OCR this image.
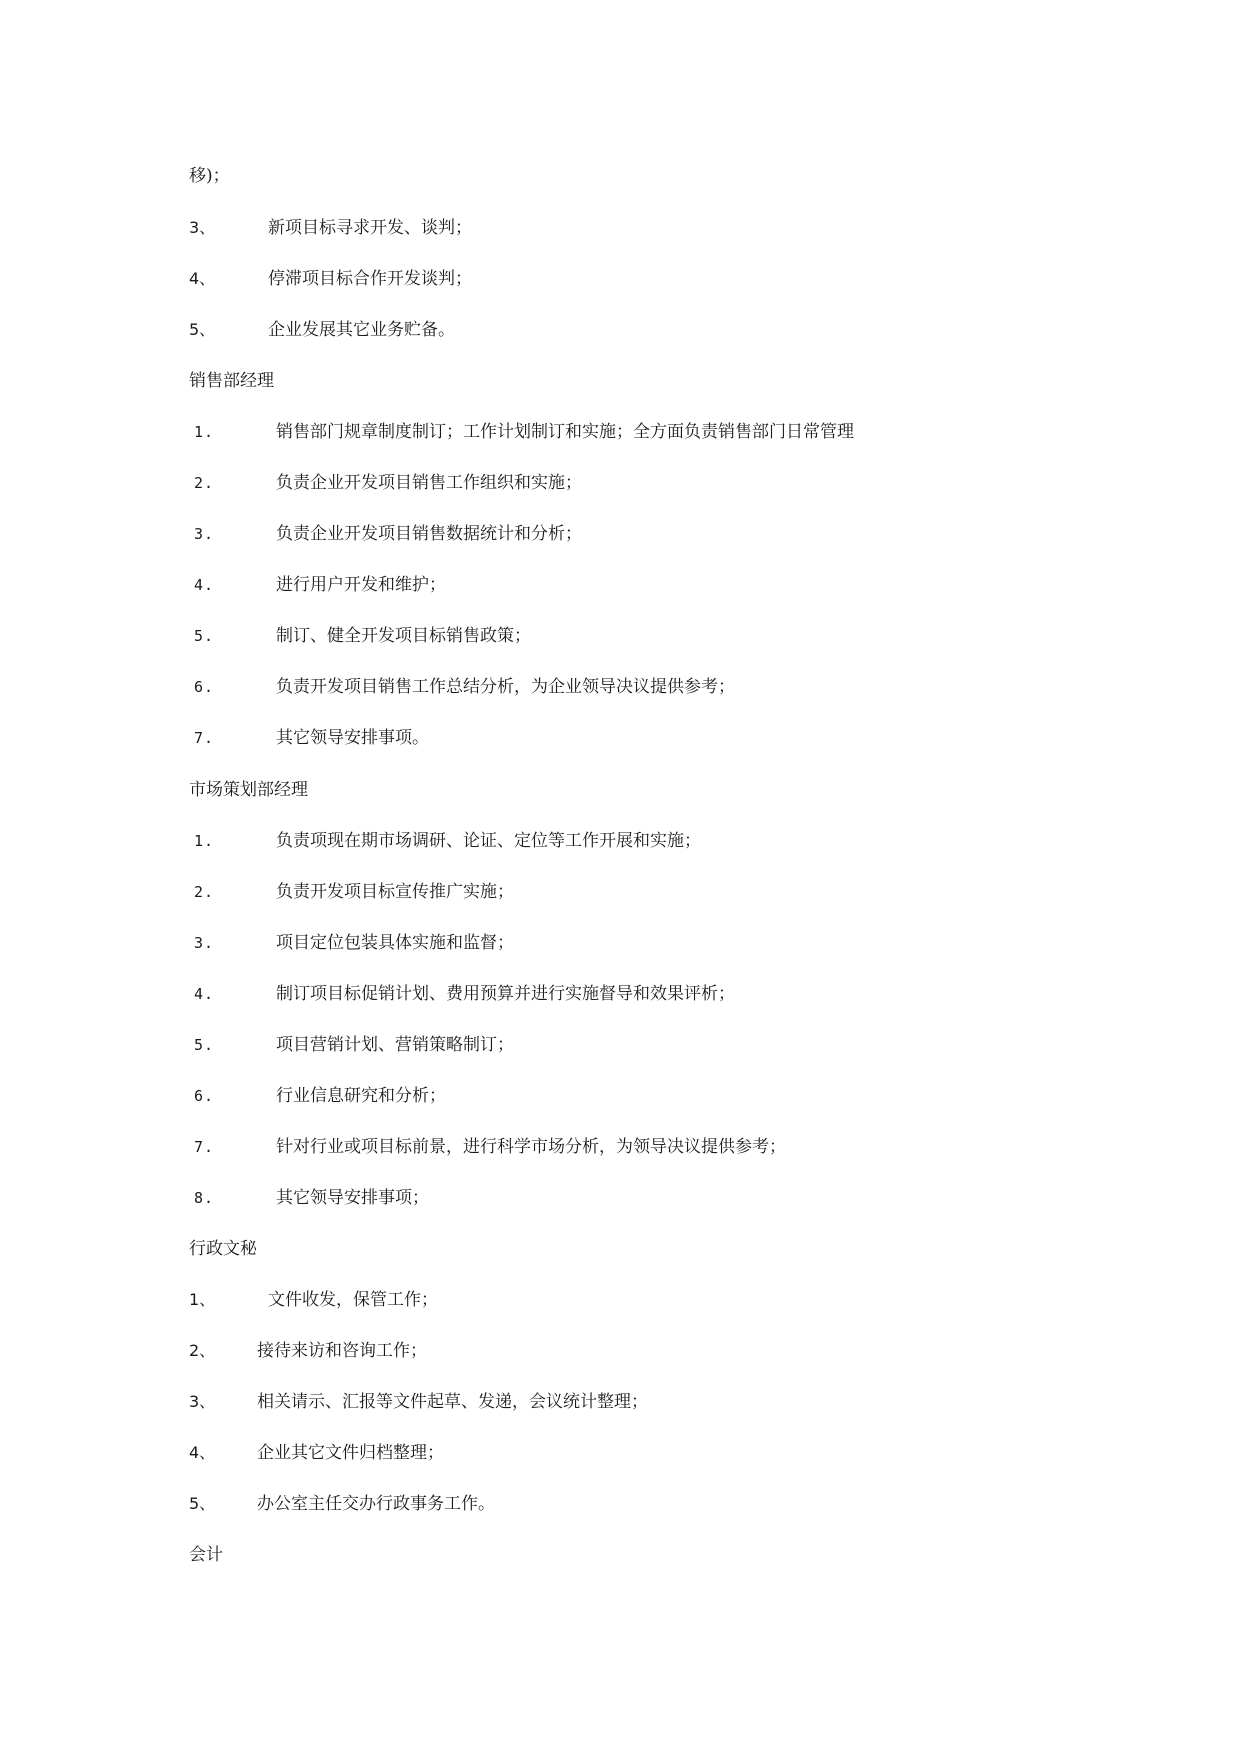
移)；
3、	新项目标寻求开发、谈判；
4、	停滞项目标合作开发谈判；
5、	企业发展其它业务贮备。
销售部经理
1.	销售部门规章制度制订；工作计划制订和实施；全方面负责销售部门日常管理
2.	负责企业开发项目销售工作组织和实施；
3.	负责企业开发项目销售数据统计和分析；
4.	进行用户开发和维护；
5.	制订、健全开发项目标销售政策；
6.	负责开发项目销售工作总结分析，为企业领导决议提供参考；
7.	其它领导安排事项。
市场策划部经理
1.	负责项现在期市场调研、论证、定位等工作开展和实施；
2.	负责开发项目标宣传推广实施；
3.	项目定位包装具体实施和监督；
4.	制订项目标促销计划、费用预算并进行实施督导和效果评析；
5.	项目营销计划、营销策略制订；
6.	行业信息研究和分析；
7.	针对行业或项目标前景，进行科学市场分析，为领导决议提供参考；
8.	其它领导安排事项；
行政文秘
1、	文件收发，保管工作；
2、 接待来访和咨询工作；
3、 相关请示、汇报等文件起草、发递，会议统计整理；
4、 企业其它文件归档整理；
5、 办公室主任交办行政事务工作。
会计
